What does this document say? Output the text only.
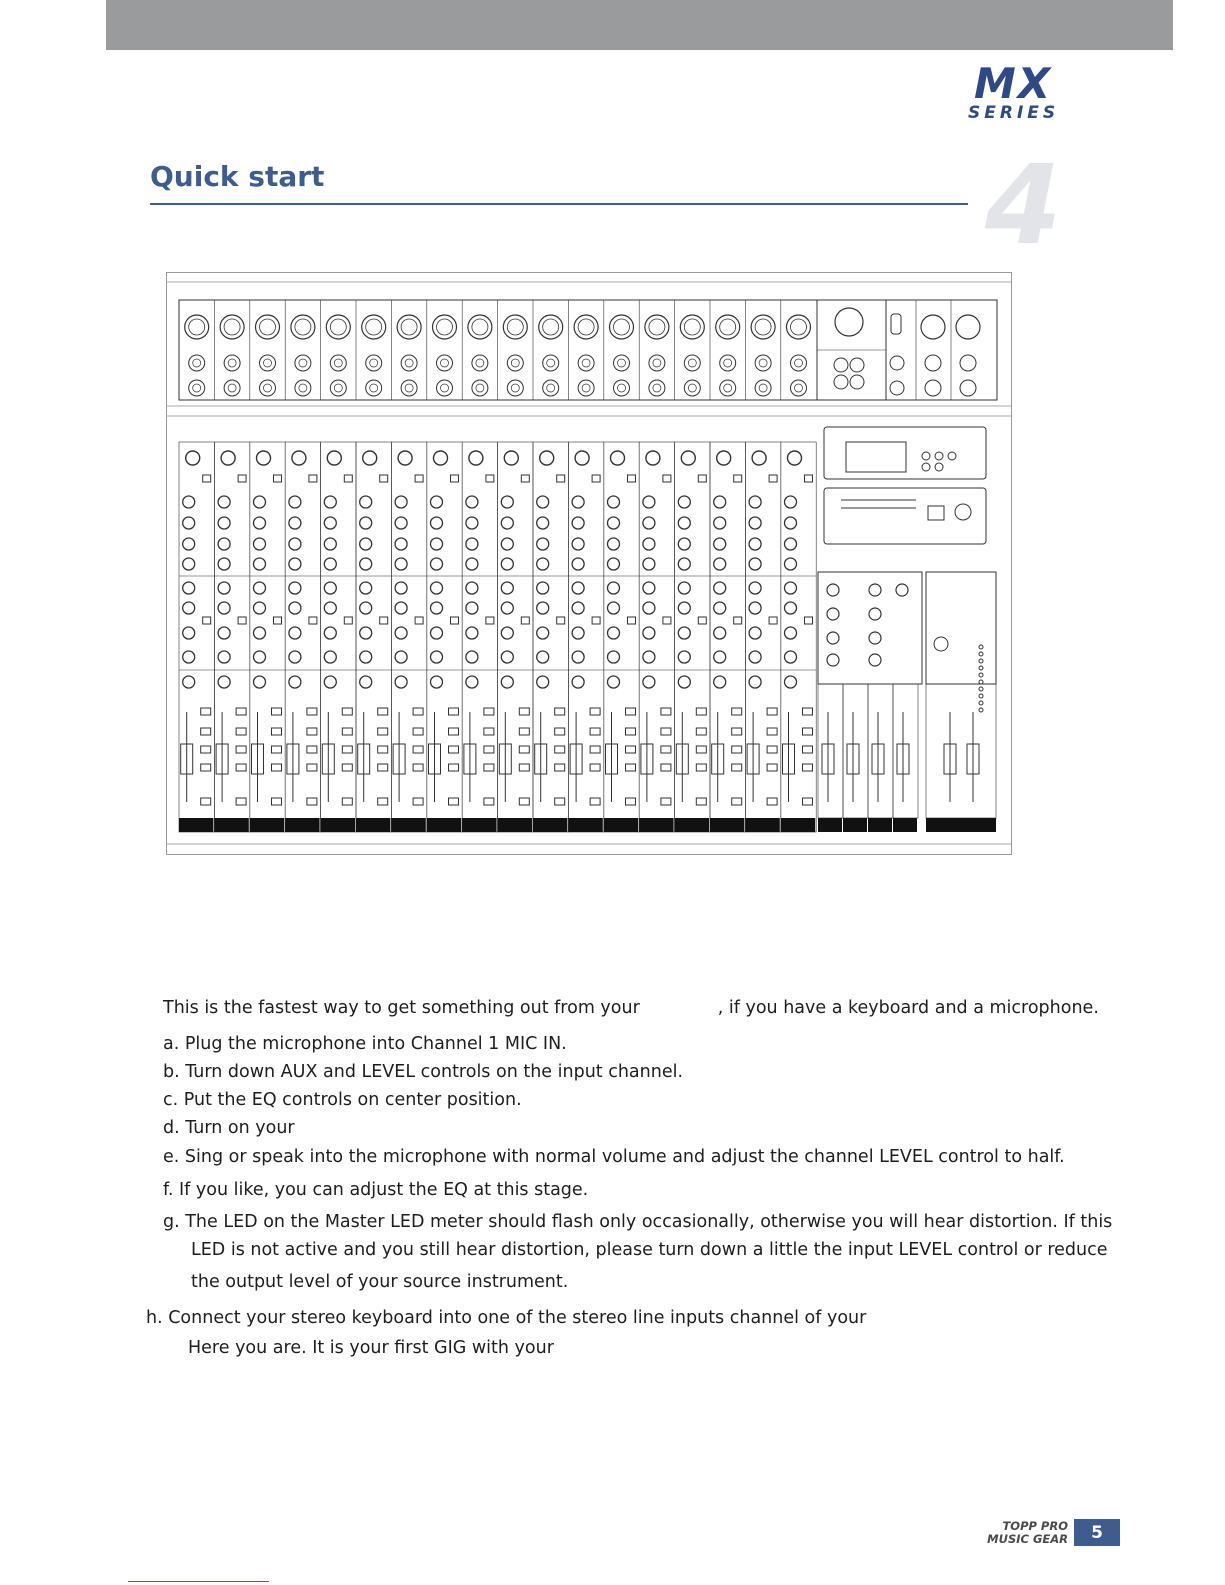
MX
SERIES
Quick start	4
This is the fastest way to get something out from your	, if you have a keyboard and a microphone.
a. Plug the microphone into Channel 1 MIC IN.
b. Turn down AUX and LEVEL controls on the input channel.
c. Put the EQ controls on center position.
d. Turn on your
e. Sing or speak into the microphone with normal volume and adjust the channel LEVEL control to half.
f. If you like, you can adjust the EQ at this stage.
g. The LED on the Master LED meter should flash only occasionally, otherwise you will hear distortion. If this
LED is not active and you still hear distortion, please turn down a little the input LEVEL control or reduce
the output level of your source instrument.
h. Connect your stereo keyboard into one of the stereo line inputs channel of your
Here you are. It is your first GIG with your
TOPP PRO
MUSIC GEAR	5
